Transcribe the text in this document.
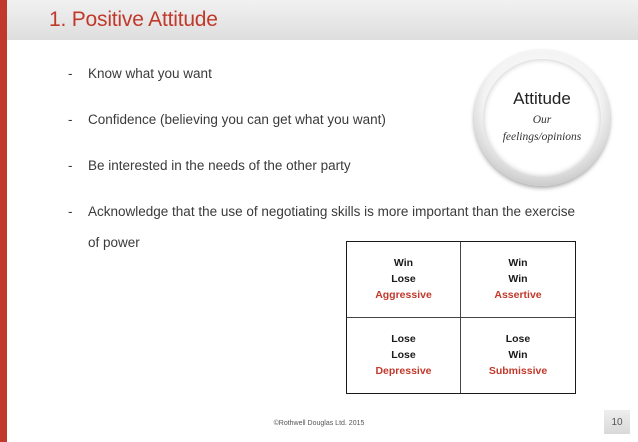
1. Positive Attitude
- Know what you want
- Confidence (believing you can get what you want)
- Be interested in the needs of the other party
- Acknowledge that the use of negotiating skills is more important than the exercise of power
Attitude
Our
feelings/opinions
Win
Lose
Aggressive
Win
Win
Assertive
Lose
Lose
Depressive
Lose
Win
Submissive
©Rothwell Douglas Ltd. 2015	10
